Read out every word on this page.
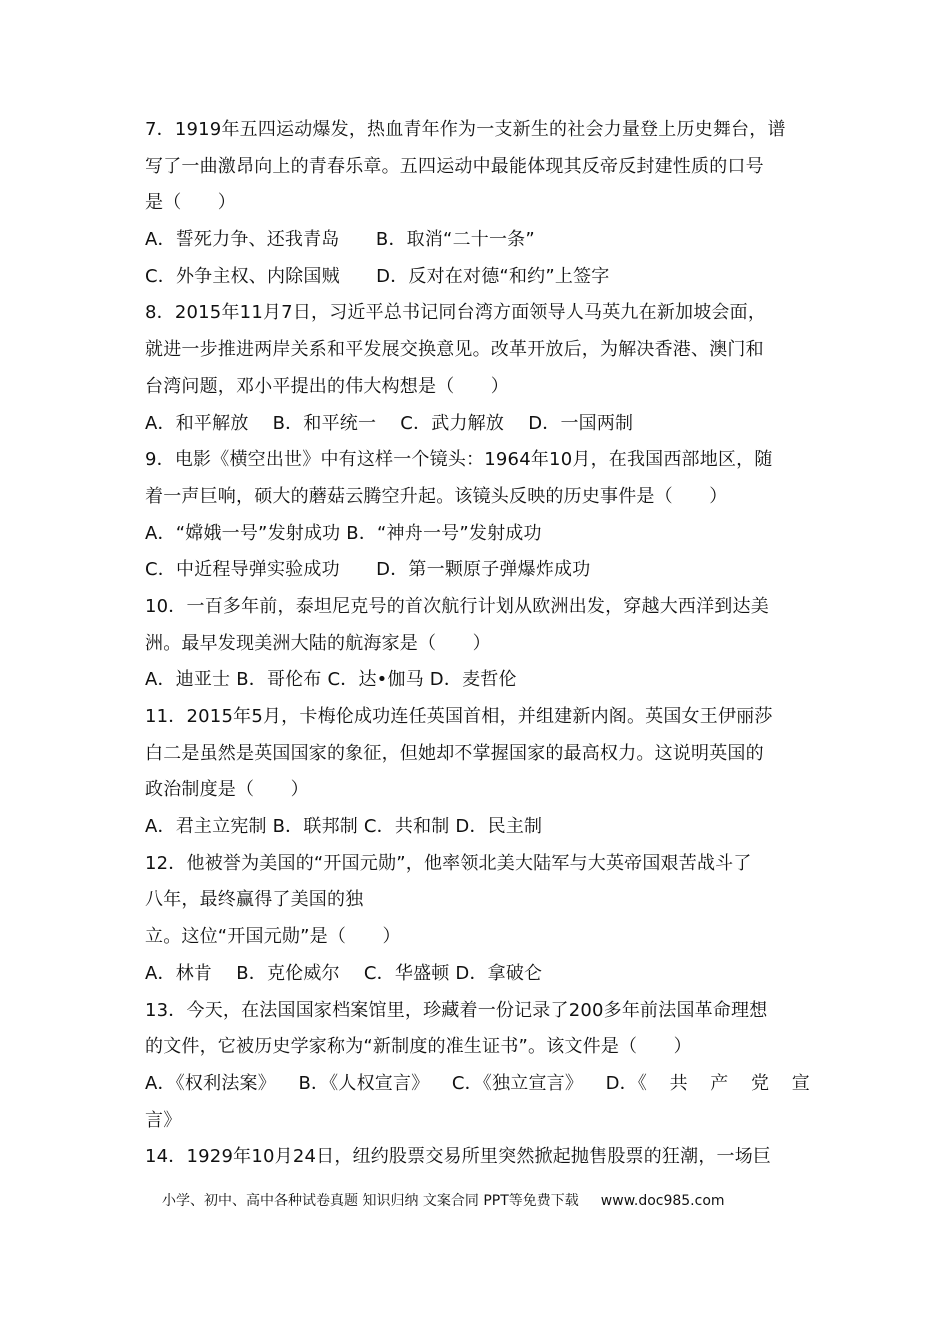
7．1919年五四运动爆发，热血青年作为一支新生的社会力量登上历史舞台，谱
写了一曲激昂向上的青春乐章。五四运动中最能体现其反帝反封建性质的口号
是（　　）
A．誓死力争、还我青岛　　B．取消“二十一条”
C．外争主权、内除国贼　　D．反对在对德“和约”上签字
8．2015年11月7日，习近平总书记同台湾方面领导人马英九在新加坡会面，
就进一步推进两岸关系和平发展交换意见。改革开放后，为解决香港、澳门和
台湾问题，邓小平提出的伟大构想是（　　）
A．和平解放　 B．和平统一　 C．武力解放　 D．一国两制
9．电影《横空出世》中有这样一个镜头：1964年10月，在我国西部地区，随
着一声巨响，硕大的蘑菇云腾空升起。该镜头反映的历史事件是（　　）
A．“嫦娥一号”发射成功 B．“神舟一号”发射成功
C．中近程导弹实验成功　　D．第一颗原子弹爆炸成功
10．一百多年前，泰坦尼克号的首次航行计划从欧洲出发，穿越大西洋到达美
洲。最早发现美洲大陆的航海家是（　　）
A．迪亚士 B．哥伦布 C．达•伽马 D．麦哲伦
11．2015年5月，卡梅伦成功连任英国首相，并组建新内阁。英国女王伊丽莎
白二是虽然是英国国家的象征，但她却不掌握国家的最高权力。这说明英国的
政治制度是（　　）
A．君主立宪制 B．联邦制 C．共和制 D．民主制
12．他被誉为美国的“开国元勋”，他率领北美大陆军与大英帝国艰苦战斗了
八年，最终赢得了美国的独
立。这位“开国元勋”是（　　）
A．林肯　 B．克伦威尔　 C．华盛顿 D．拿破仑
13．今天，在法国国家档案馆里，珍藏着一份记录了200多年前法国革命理想
的文件，它被历史学家称为“新制度的准生证书”。该文件是（　　）
A．《权利法案》 B．《人权宣言》 C．《独立宣言》 D．《 共 产 党 宣
言》
14．1929年10月24日，纽约股票交易所里突然掀起抛售股票的狂潮，一场巨
小学、初中、高中各种试卷真题 知识归纳 文案合同 PPT等免费下载 www.doc985.com
